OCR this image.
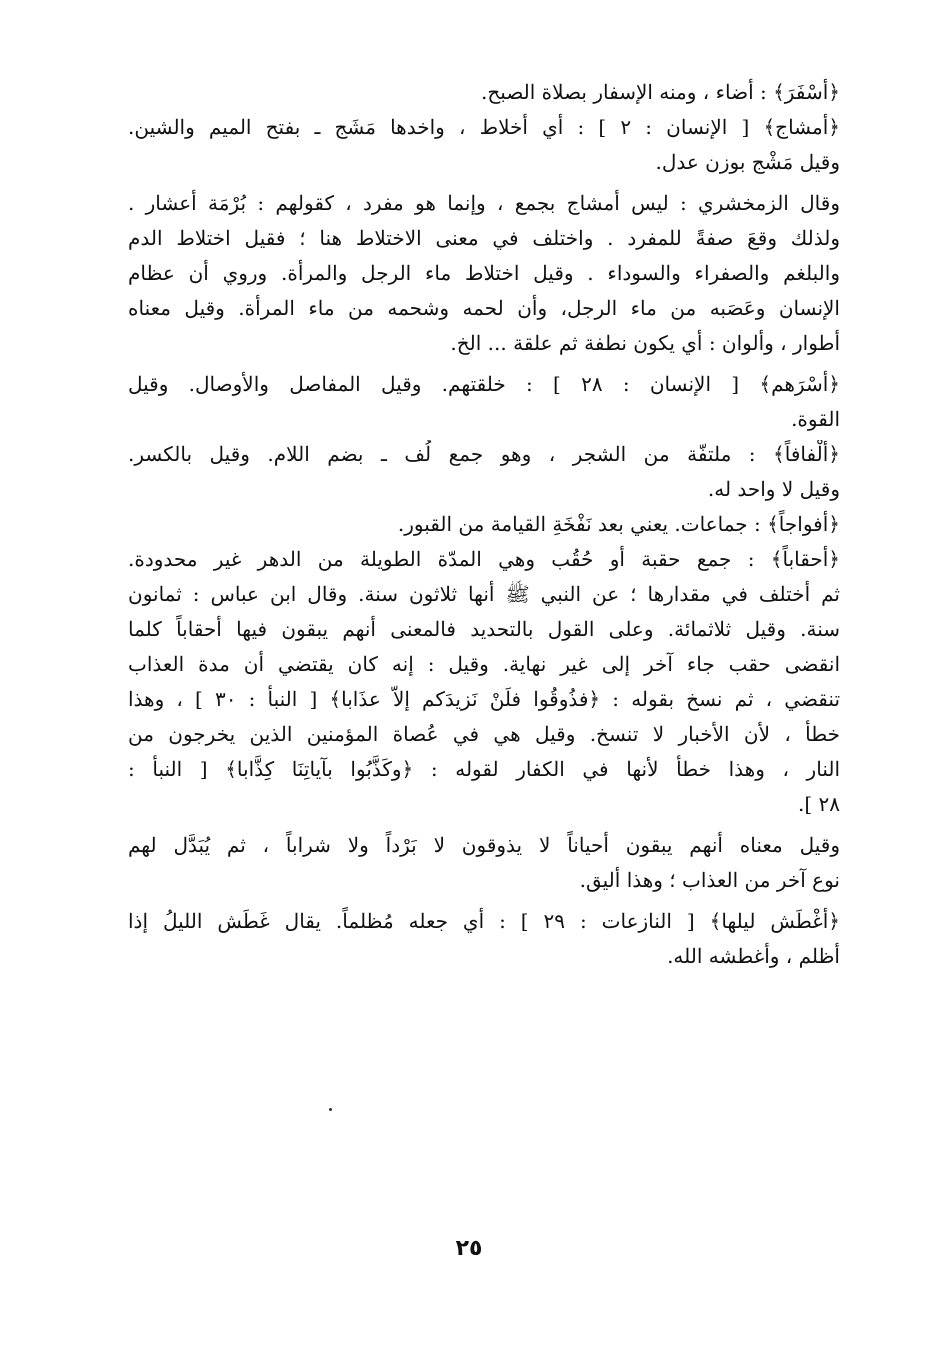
﴿أَسْفَرَ﴾ : أضاء ، ومنه الإسفار بصلاة الصبح.
﴿أمشاج﴾ [ الإنسان : ٢ ] : أي أخلاط ، واخدها مَشَج ـ بفتح الميم والشين.
وقيل مَشْج بوزن عدل.
وقال الزمخشري : ليس أمشاج بجمع ، وإنما هو مفرد ، كقولهم : بُرْمَة أعشار .
ولذلك وقعَ صفةً للمفرد . واختلف في معنى الاختلاط هنا ؛ فقيل اختلاط الدم
والبلغم والصفراء والسوداء . وقيل اختلاط ماء الرجل والمرأة. وروي أن عظام
الإنسان وعَصَبه من ماء الرجل، وأن لحمه وشحمه من ماء المرأة. وقيل معناه
أطوار ، وألوان : أي يكون نطفة ثم علقة ... الخ.
﴿أَسْرَهم﴾ [ الإنسان : ٢٨ ] : خلقتهم. وقيل المفاصل والأوصال. وقيل
القوة.
﴿أَلْفافاً﴾ : ملتفّة من الشجر ، وهو جمع لُف ـ بضم اللام. وقيل بالكسر.
وقيل لا واحد له.
﴿أفواجاً﴾ : جماعات. يعني بعد نَفْخَةِ القيامة من القبور.
﴿أحقاباً﴾ : جمع حقبة أو حُقُب وهي المدّة الطويلة من الدهر غير محدودة.
ثم أختلف في مقدارها ؛ عن النبي ﷺ أنها ثلاثون سنة. وقال ابن عباس : ثمانون
سنة. وقيل ثلاثمائة. وعلى القول بالتحديد فالمعنى أنهم يبقون فيها أحقاباً كلما
انقضى حقب جاء آخر إلى غير نهاية. وقيل : إنه كان يقتضي أن مدة العذاب
تنقضي ، ثم نسخ بقوله : ﴿فذُوقُوا فلَنْ نَزيدَكم إلاَّ عذَابا﴾ [ النبأ : ٣٠ ] ، وهذا
خطأ ، لأن الأخبار لا تنسخ. وقيل هي في عُصاة المؤمنين الذين يخرجون من
النار ، وهذا خطأ لأنها في الكفار لقوله : ﴿وكَذَّبُوا بآياتِنَا كِذَّابا﴾ [ النبأ :
٢٨ ].
وقيل معناه أنهم يبقون أحياناً لا يذوقون لا بَرْداً ولا شراباً ، ثم يُبَدَّل لهم
نوع آخر من العذاب ؛ وهذا أليق.
﴿أَغْطَش ليلها﴾ [ النازعات : ٢٩ ] : أي جعله مُظلماً. يقال غَطَش الليلُ إذا
أظلم ، وأغطشه الله.
٢٥
